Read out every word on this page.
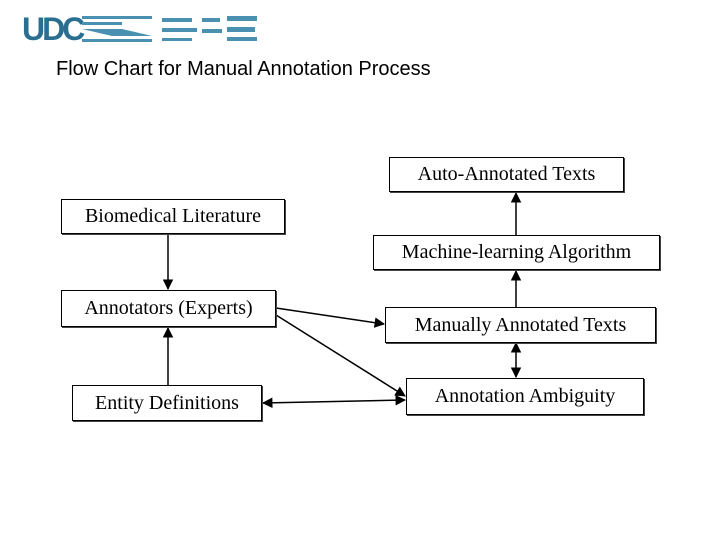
UDC
Flow Chart for Manual Annotation Process
Auto-Annotated Texts
Biomedical Literature
Machine-learning Algorithm
Annotators (Experts)
Manually Annotated Texts
Entity Definitions	Annotation Ambiguity
